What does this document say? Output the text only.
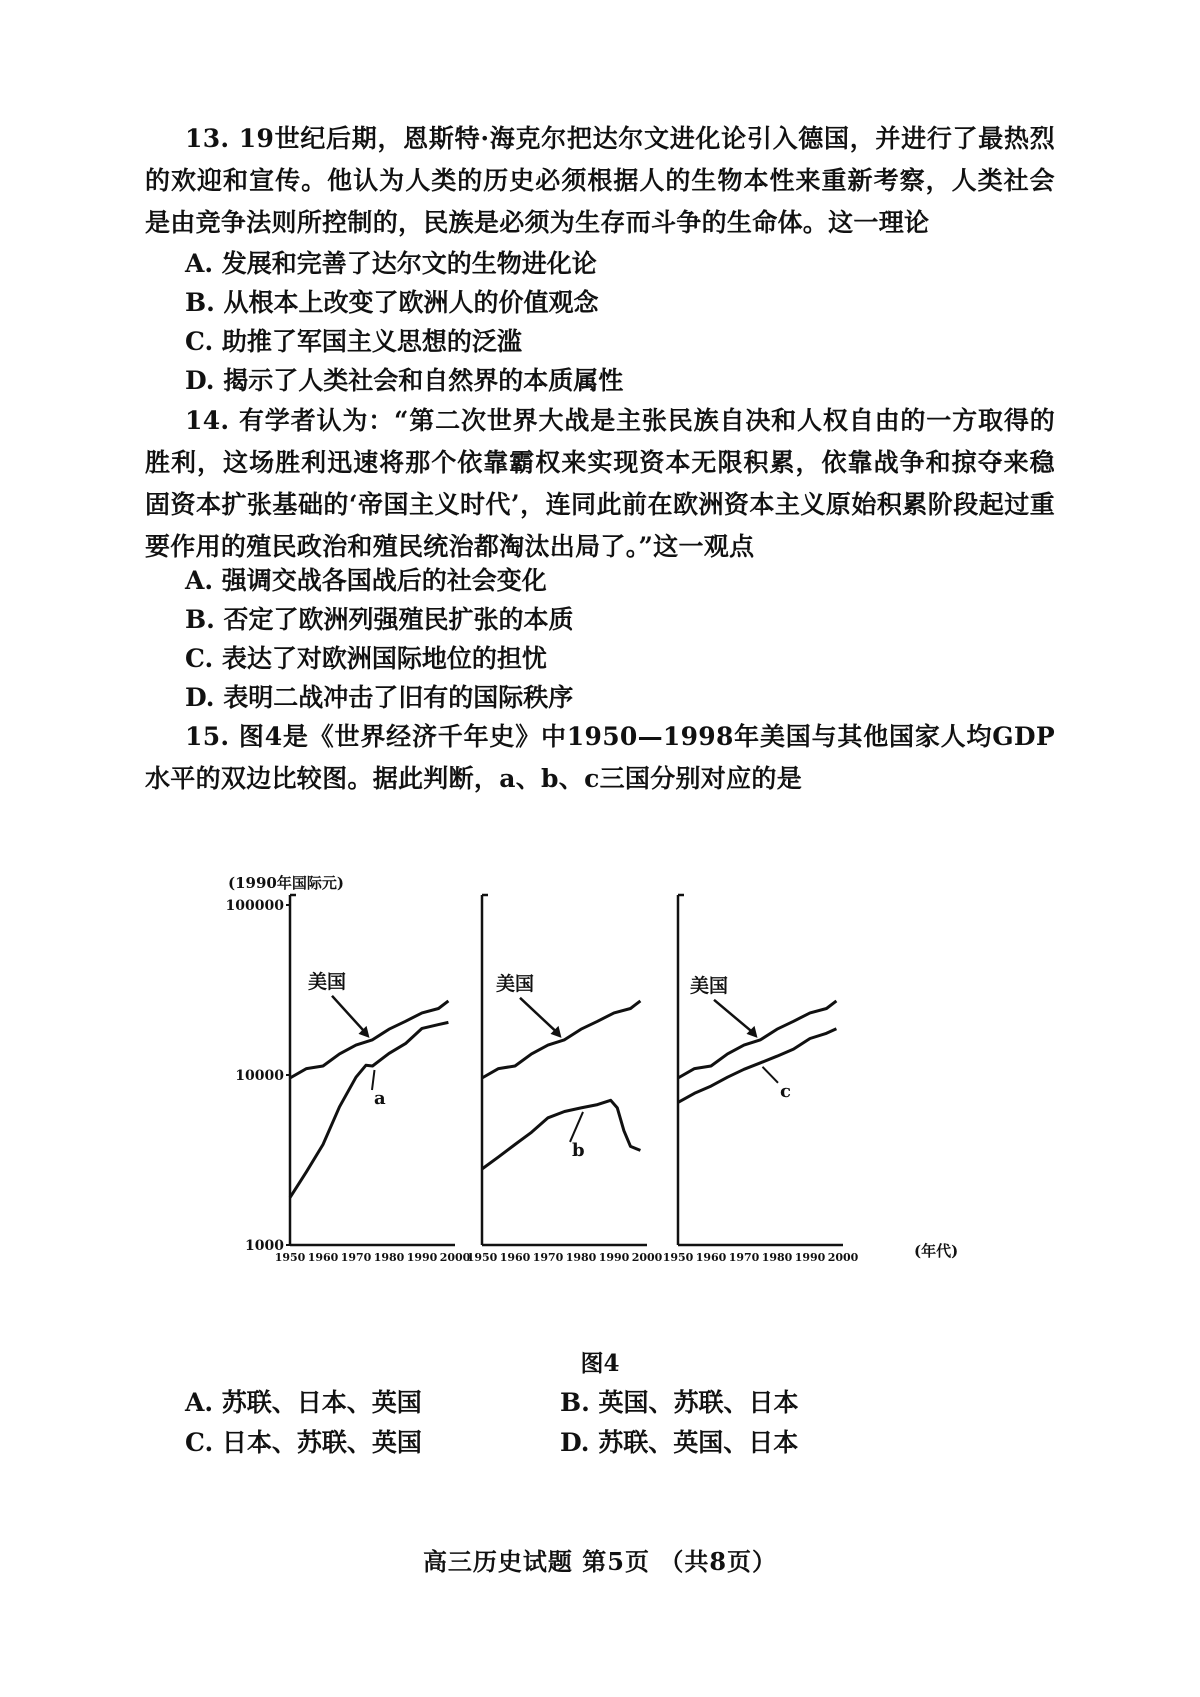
13. 19世纪后期，恩斯特·海克尔把达尔文进化论引入德国，并进行了最热烈的欢迎和宣传。他认为人类的历史必须根据人的生物本性来重新考察，人类社会是由竞争法则所控制的，民族是必须为生存而斗争的生命体。这一理论
A. 发展和完善了达尔文的生物进化论
B. 从根本上改变了欧洲人的价值观念
C. 助推了军国主义思想的泛滥
D. 揭示了人类社会和自然界的本质属性
14. 有学者认为：“第二次世界大战是主张民族自决和人权自由的一方取得的胜利，这场胜利迅速将那个依靠霸权来实现资本无限积累，依靠战争和掠夺来稳固资本扩张基础的‘帝国主义时代’，连同此前在欧洲资本主义原始积累阶段起过重要作用的殖民政治和殖民统治都淘汰出局了。”这一观点
A. 强调交战各国战后的社会变化
B. 否定了欧洲列强殖民扩张的本质
C. 表达了对欧洲国际地位的担忧
D. 表明二战冲击了旧有的国际秩序
15. 图4是《世界经济千年史》中1950—1998年美国与其他国家人均GDP水平的双边比较图。据此判断，a、b、c三国分别对应的是
(1990年国际元)
(年代)
1950 1960 1970 1980 1990 2000
100000
10000
1000
美国
a
1950 1960 1970 1980 1990 2000
美国
b
1950 1960 1970 1980 1990 2000
美国
c
图4
A. 苏联、日本、英国	B. 英国、苏联、日本
C. 日本、苏联、英国	D. 苏联、英国、日本
高三历史试题 第5页 （共8页）
